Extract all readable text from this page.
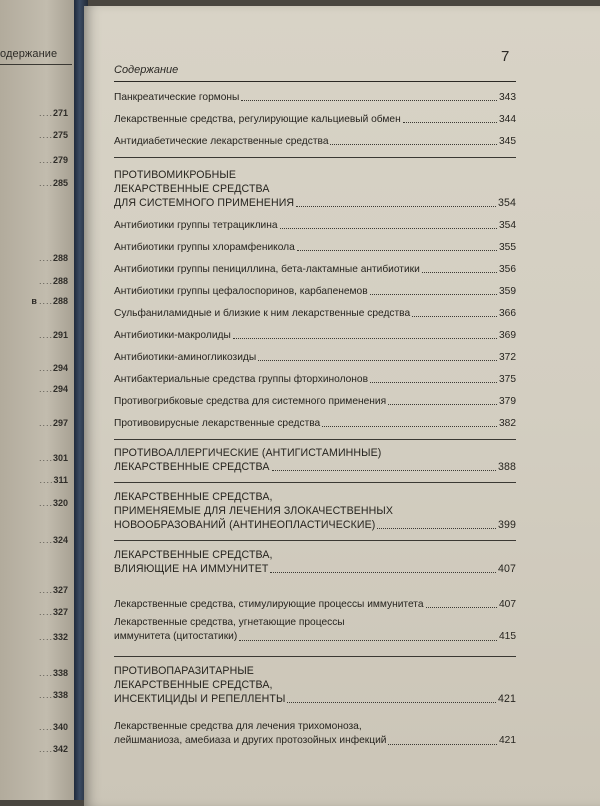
одержание
....271
....275
....279
....285
....288
....288
в ....288
....291
....294
....294
....297
....301
....311
....320
....324
....327
....327
....332
....338
....338
....340
....342
Содержание
7
Панкреатические гормоны	343
Лекарственные средства, регулирующие кальциевый обмен	344
Антидиабетические лекарственные средства	345
ПРОТИВОМИКРОБНЫЕ
ЛЕКАРСТВЕННЫЕ СРЕДСТВА
ДЛЯ СИСТЕМНОГО ПРИМЕНЕНИЯ	354
Антибиотики группы тетрациклина	354
Антибиотики группы хлорамфеникола	355
Антибиотики группы пенициллина, бета-лактамные антибиотики	356
Антибиотики группы цефалоспоринов, карбапенемов	359
Сульфаниламидные и близкие к ним лекарственные средства	366
Антибиотики-макролиды	369
Антибиотики-аминогликозиды	372
Антибактериальные средства группы фторхинолонов	375
Противогрибковые средства для системного применения	379
Противовирусные лекарственные средства	382
ПРОТИВОАЛЛЕРГИЧЕСКИЕ (АНТИГИСТАМИННЫЕ)
ЛЕКАРСТВЕННЫЕ СРЕДСТВА	388
ЛЕКАРСТВЕННЫЕ СРЕДСТВА,
ПРИМЕНЯЕМЫЕ ДЛЯ ЛЕЧЕНИЯ ЗЛОКАЧЕСТВЕННЫХ
НОВООБРАЗОВАНИЙ (АНТИНЕОПЛАСТИЧЕСКИЕ)	399
ЛЕКАРСТВЕННЫЕ СРЕДСТВА,
ВЛИЯЮЩИЕ НА ИММУНИТЕТ	407
Лекарственные средства, стимулирующие процессы иммунитета	407
Лекарственные средства, угнетающие процессы
иммунитета (цитостатики)	415
ПРОТИВОПАРАЗИТАРНЫЕ
ЛЕКАРСТВЕННЫЕ СРЕДСТВА,
ИНСЕКТИЦИДЫ И РЕПЕЛЛЕНТЫ	421
Лекарственные средства для лечения трихомоноза,
лейшманиоза, амебиаза и других протозойных инфекций	421
